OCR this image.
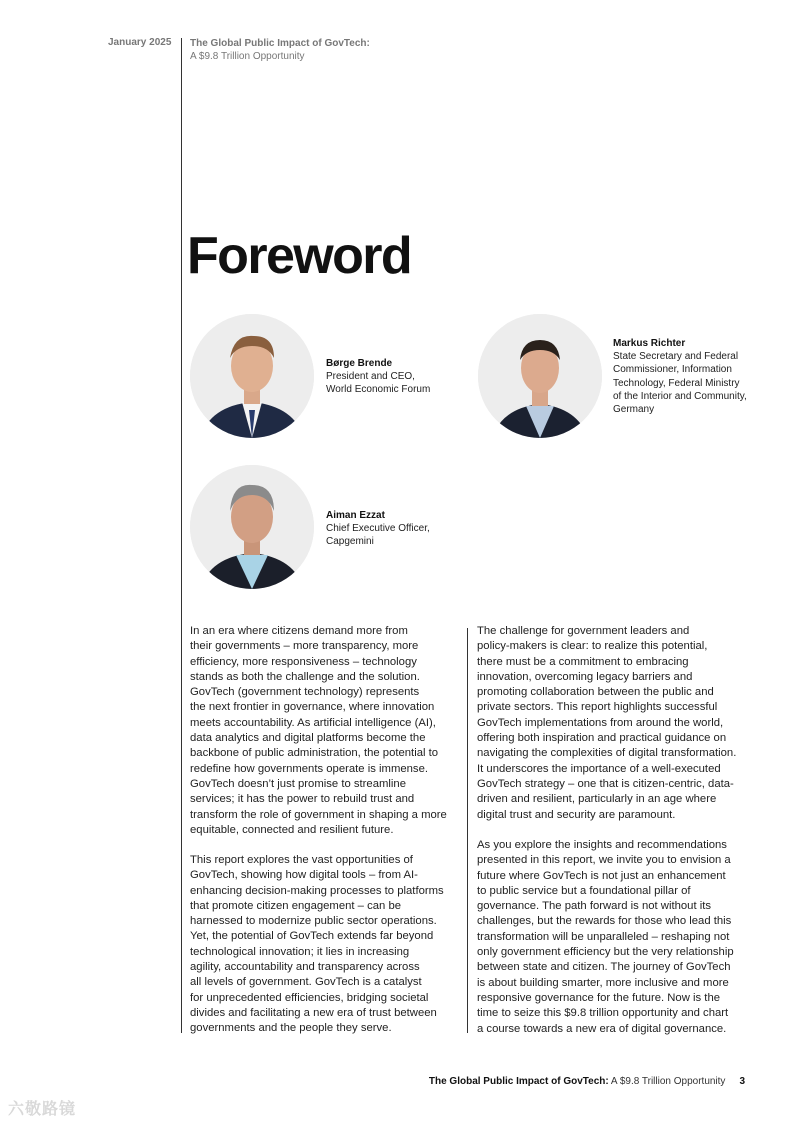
January 2025 The Global Public Impact of GovTech:
A $9.8 Trillion Opportunity
Foreword
Børge Brende
President and CEO,
World Economic Forum
Markus Richter
State Secretary and Federal
Commissioner, Information
Technology, Federal Ministry
of the Interior and Community,
Germany
Aiman Ezzat
Chief Executive Officer,
Capgemini
In an era where citizens demand more from
their governments – more transparency, more
efficiency, more responsiveness – technology
stands as both the challenge and the solution.
GovTech (government technology) represents
the next frontier in governance, where innovation
meets accountability. As artificial intelligence (AI),
data analytics and digital platforms become the
backbone of public administration, the potential to
redefine how governments operate is immense.
GovTech doesn’t just promise to streamline
services; it has the power to rebuild trust and
transform the role of government in shaping a more
equitable, connected and resilient future.
This report explores the vast opportunities of
GovTech, showing how digital tools – from AI-
enhancing decision-making processes to platforms
that promote citizen engagement – can be
harnessed to modernize public sector operations.
Yet, the potential of GovTech extends far beyond
technological innovation; it lies in increasing
agility, accountability and transparency across
all levels of government. GovTech is a catalyst
for unprecedented efficiencies, bridging societal
divides and facilitating a new era of trust between
governments and the people they serve.
The challenge for government leaders and
policy-makers is clear: to realize this potential,
there must be a commitment to embracing
innovation, overcoming legacy barriers and
promoting collaboration between the public and
private sectors. This report highlights successful
GovTech implementations from around the world,
offering both inspiration and practical guidance on
navigating the complexities of digital transformation.
It underscores the importance of a well-executed
GovTech strategy – one that is citizen-centric, data-
driven and resilient, particularly in an age where
digital trust and security are paramount.
As you explore the insights and recommendations
presented in this report, we invite you to envision a
future where GovTech is not just an enhancement
to public service but a foundational pillar of
governance. The path forward is not without its
challenges, but the rewards for those who lead this
transformation will be unparalleled – reshaping not
only government efficiency but the very relationship
between state and citizen. The journey of GovTech
is about building smarter, more inclusive and more
responsive governance for the future. Now is the
time to seize this $9.8 trillion opportunity and chart
a course towards a new era of digital governance.
The Global Public Impact of GovTech: A $9.8 Trillion Opportunity 3
六敬路镜
